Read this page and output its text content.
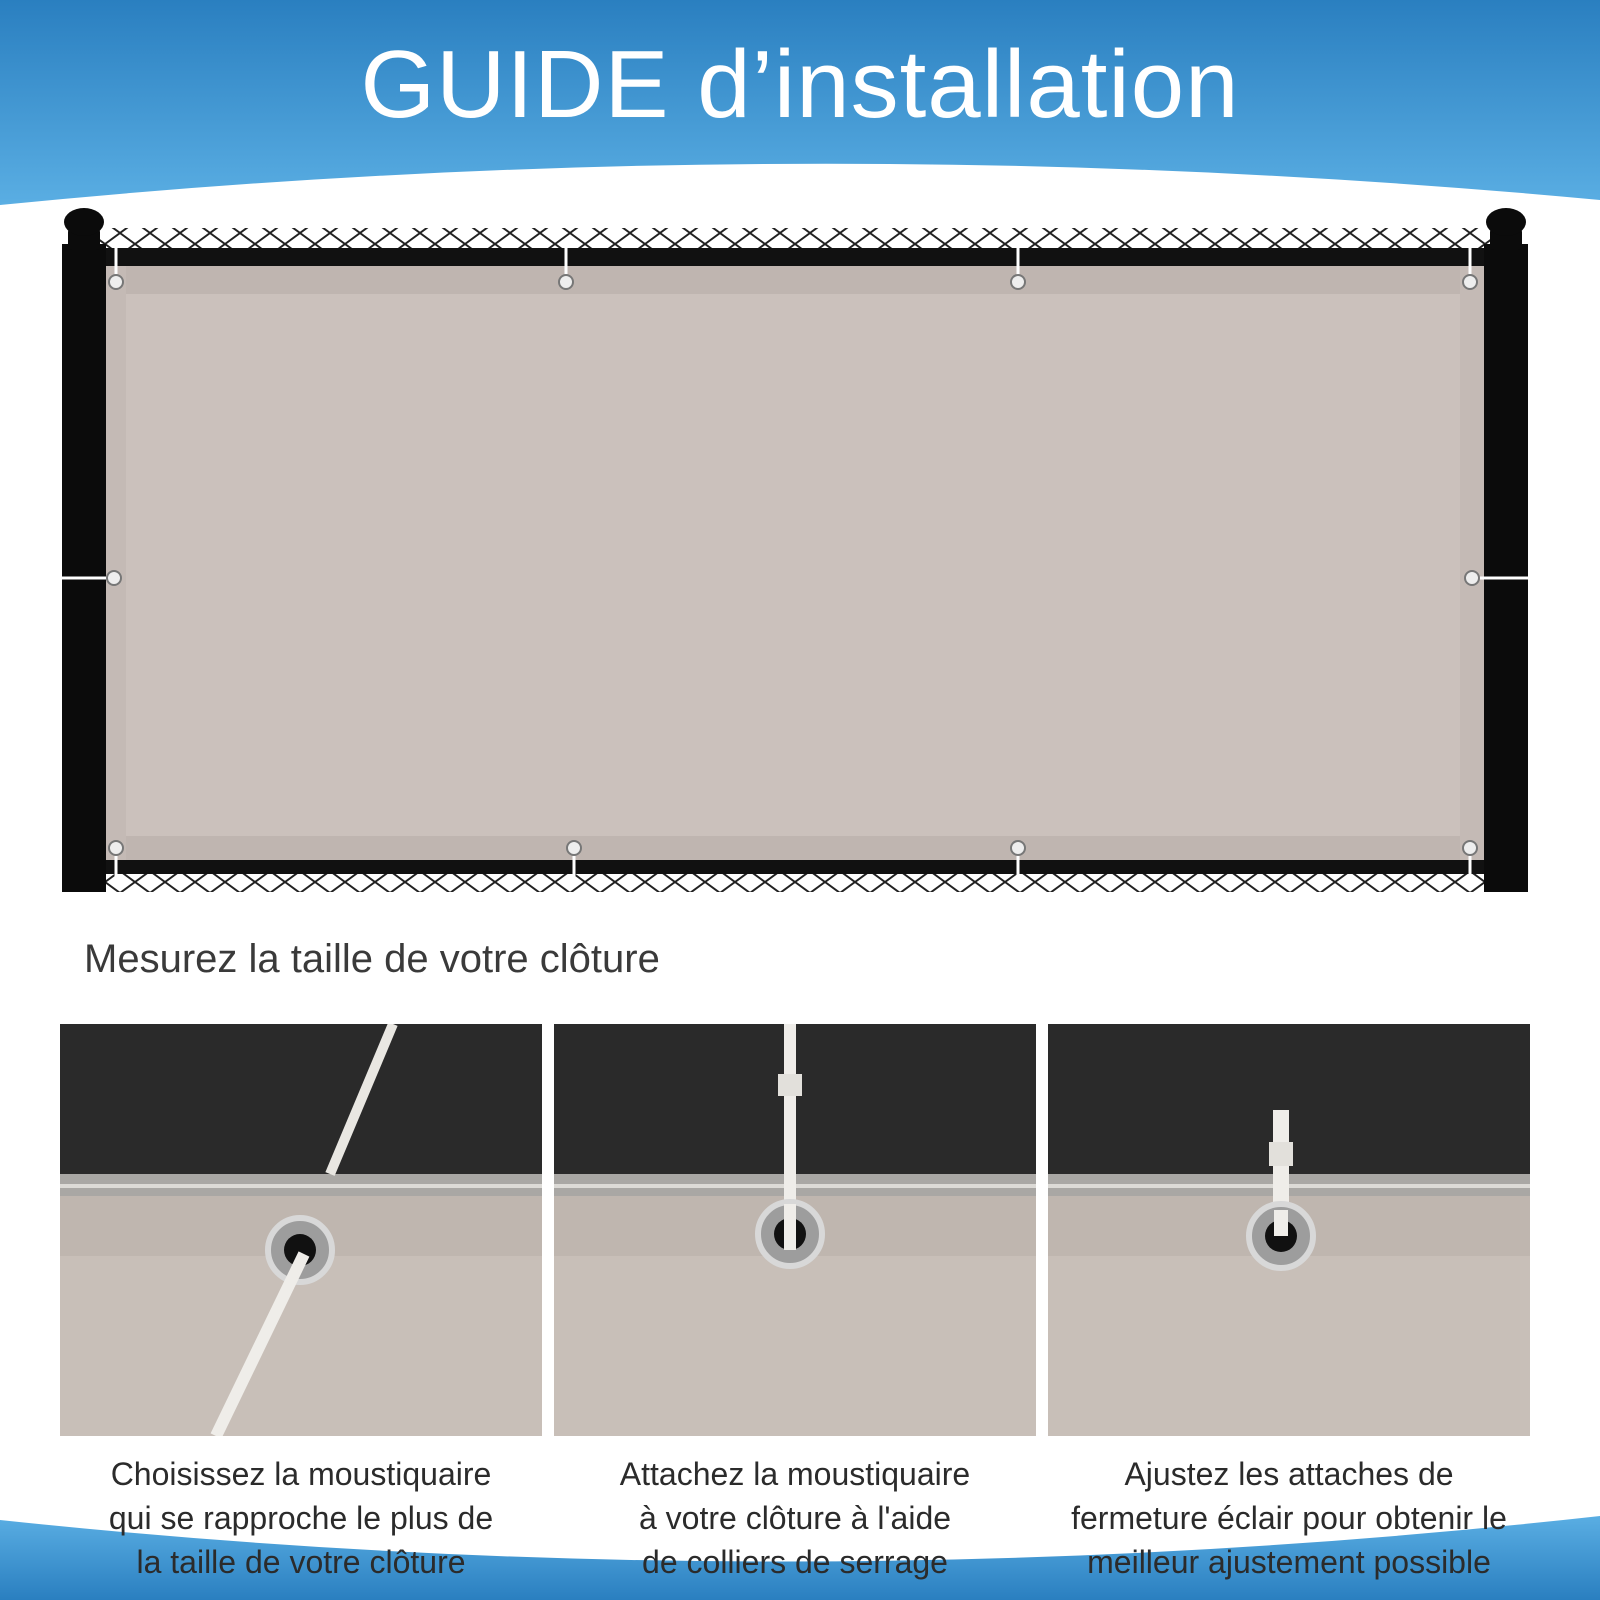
GUIDE d’installation
Mesurez la taille de votre clôture
Choisissez la moustiquaire
qui se rapproche le plus de
la taille de votre clôture
Attachez la moustiquaire
à votre clôture à l'aide
de colliers de serrage
Ajustez les attaches de
fermeture éclair pour obtenir le
meilleur ajustement possible
